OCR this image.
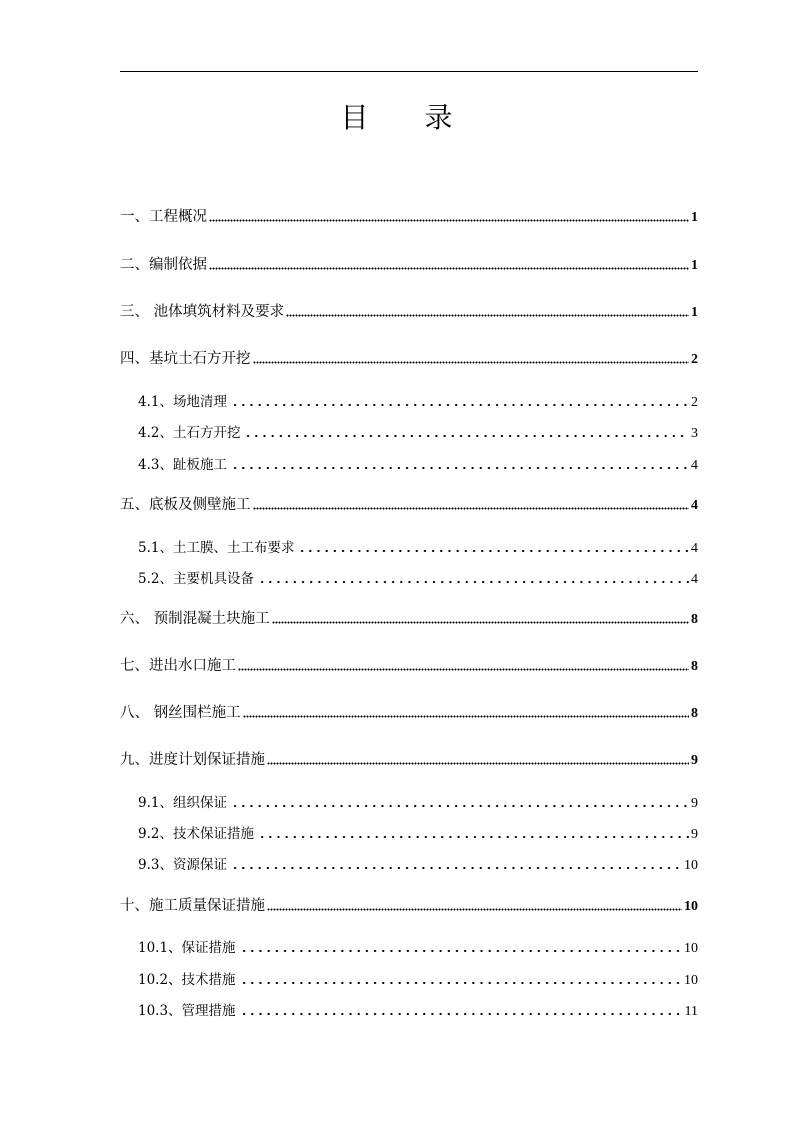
目 录
一、工程概况	1
二、编制依据	1
三、 池体填筑材料及要求	1
四、基坑土石方开挖	2
4.1、场地清理	2
4.2、土石方开挖	3
4.3、趾板施工	4
五、底板及侧壁施工	4
5.1、土工膜、土工布要求	4
5.2、主要机具设备	4
六、 预制混凝土块施工	8
七、进出水口施工	8
八、 钢丝围栏施工	8
九、进度计划保证措施	9
9.1、组织保证	9
9.2、技术保证措施	9
9.3、资源保证	10
十、施工质量保证措施	10
10.1、保证措施	10
10.2、技术措施	10
10.3、管理措施	11
